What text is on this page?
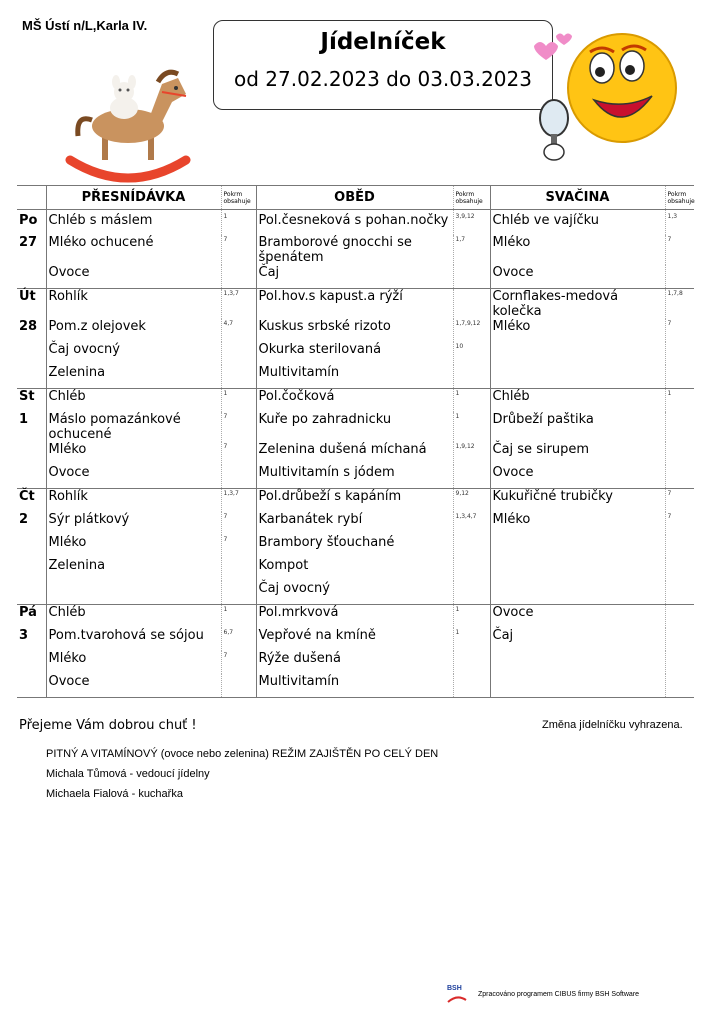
MŠ Ústí n/L,Karla IV.
Jídelníček
od 27.02.2023 do 03.03.2023
	PŘESNÍDÁVKA	Pokrm obsahuje	OBĚD	Pokrm obsahuje	SVAČINA	Pokrm obsahuje
Po	Chléb s máslem	1	Pol.česneková s pohan.nočky	3,9,12	Chléb ve vajíčku	1,3
27	Mléko ochucené	7	Bramborové gnocchi se špenátem	1,7	Mléko	7
	Ovoce		Čaj		Ovoce	
Út	Rohlík	1,3,7	Pol.hov.s kapust.a rýží		Cornflakes-medová kolečka	1,7,8
28	Pom.z olejovek	4,7	Kuskus srbské rizoto	1,7,9,12	Mléko	7
	Čaj ovocný		Okurka sterilovaná	10		
	Zelenina		Multivitamín			
St	Chléb	1	Pol.čočková	1	Chléb	1
1	Máslo pomazánkové ochucené	7	Kuře po zahradnicku	1	Drůbeží paštika	
	Mléko	7	Zelenina dušená míchaná	1,9,12	Čaj se sirupem	
	Ovoce		Multivitamín s jódem		Ovoce	
Čt	Rohlík	1,3,7	Pol.drůbeží s kapáním	9,12	Kukuřičné trubičky	7
2	Sýr plátkový	7	Karbanátek rybí	1,3,4,7	Mléko	7
	Mléko	7	Brambory šťouchané			
	Zelenina		Kompot			
			Čaj ovocný			
Pá	Chléb	1	Pol.mrkvová	1	Ovoce	
3	Pom.tvarohová se sójou	6,7	Vepřové na kmíně	1	Čaj	
	Mléko	7	Rýže dušená			
	Ovoce		Multivitamín			
Přejeme Vám dobrou chuť !	Změna jídelníčku vyhrazena.
PITNÝ A VITAMÍNOVÝ (ovoce nebo zelenina) REŽIM ZAJIŠTĚN PO CELÝ DEN
Michala Tůmová - vedoucí jídelny
Michaela Fialová - kuchařka
BSH
Zpracováno programem CIBUS firmy BSH Software
